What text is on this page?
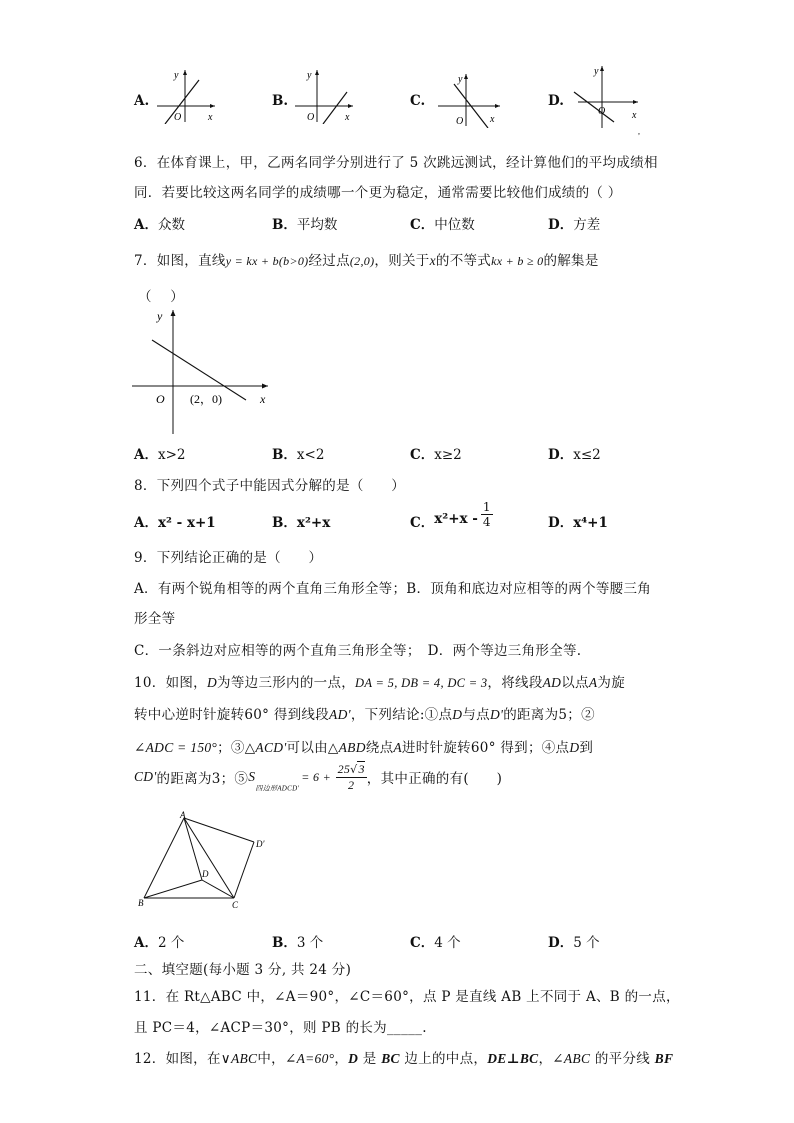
A.
y
x
O
B.
y
x
O
C.
y
x
O
D.
y
x
O
,
6．在体育课上，甲，乙两名同学分别进行了 5 次跳远测试，经计算他们的平均成绩相
同．若要比较这两名同学的成绩哪一个更为稳定，通常需要比较他们成绩的（ ）
A．众数	B．平均数	C．中位数	D．方差
7．如图，直线y = kx + b(b>0)经过点(2,0)，则关于x的不等式kx + b ≥ 0的解集是
（　 ）
y
x
O (2，0)
A．x>2	B．x<2	C．x≥2	D．x≤2
8．下列四个式子中能因式分解的是（　　）
A．x² - x+1	B．x²+x	C．$x^2+x - \frac{1}{4}$	D．x⁴+1
9．下列结论正确的是（　　）
A．有两个锐角相等的两个直角三角形全等；B．顶角和底边对应相等的两个等腰三角
形全等
C．一条斜边对应相等的两个直角三角形全等；　D．两个等边三角形全等.
10．如图，D为等边三形内的一点，DA = 5, DB = 4, DC = 3，将线段AD以点A为旋
转中心逆时针旋转60° 得到线段AD'，下列结论:①点D与点D'的距离为5；②
∠ADC = 150°；③△ACD'可以由△ABD绕点A进时针旋转60° 得到；④点D到
CD'的距离为3；$⑤S_{四边形ADCD'}= 6 + \frac{25√3}{2}$ ，其中正确的有(　　)
A
B	C
D
D'
A．2 个	B．3 个	C．4 个	D．5 个
二、填空题(每小题 3 分, 共 24 分)
11．在 Rt△ABC 中，∠A＝90°，∠C＝60°，点 P 是直线 AB 上不同于 A、B 的一点，
且 PC＝4，∠ACP＝30°，则 PB 的长为_____.
12．如图，在∨ABC中，∠A=60°，D 是 BC 边上的中点，DE⊥BC，∠ABC 的平分线 BF
